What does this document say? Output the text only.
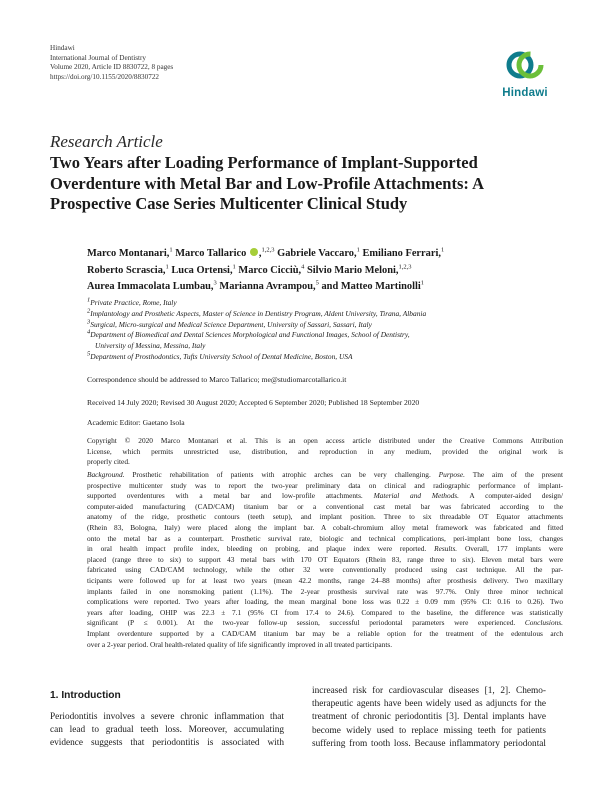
Hindawi
International Journal of Dentistry
Volume 2020, Article ID 8830722, 8 pages
https://doi.org/10.1155/2020/8830722
Hindawi
Research Article
Two Years after Loading Performance of Implant-Supported
Overdenture with Metal Bar and Low-Profile Attachments: A
Prospective Case Series Multicenter Clinical Study
Marco Montanari,$^1$ Marco Tallarico ,$^{1,2,3}$ Gabriele Vaccaro,$^1$ Emiliano Ferrari,$^1$
Roberto Scrascia,$^1$ Luca Ortensi,$^1$ Marco Cicciù,$^4$ Silvio Mario Meloni,$^{1,2,3}$
Aurea Immacolata Lumbau,$^3$ Marianna Avrampou,$^5$ and Matteo Martinolli$^1$
$^1$Private Practice, Rome, Italy
$^2$Implantology and Prosthetic Aspects, Master of Science in Dentistry Program, Aldent University, Tirana, Albania
$^3$Surgical, Micro-surgical and Medical Science Department, University of Sassari, Sassari, Italy
$^4$Department of Biomedical and Dental Sciences Morphological and Functional Images, School of Dentistry,
University of Messina, Messina, Italy
$^5$Department of Prosthodontics, Tufts University School of Dental Medicine, Boston, USA
Correspondence should be addressed to Marco Tallarico; me@studiomarcotallarico.it
Received 14 July 2020; Revised 30 August 2020; Accepted 6 September 2020; Published 18 September 2020
Academic Editor: Gaetano Isola
Copyright © 2020 Marco Montanari et al. This is an open access article distributed under the Creative Commons Attribution
License, which permits unrestricted use, distribution, and reproduction in any medium, provided the original work is
properly cited.
Background. Prosthetic rehabilitation of patients with atrophic arches can be very challenging. Purpose. The aim of the present
prospective multicenter study was to report the two-year preliminary data on clinical and radiographic performance of implant-
supported overdentures with a metal bar and low-profile attachments. Material and Methods. A computer-aided design/
computer-aided manufacturing (CAD/CAM) titanium bar or a conventional cast metal bar was fabricated according to the
anatomy of the ridge, prosthetic contours (teeth setup), and implant position. Three to six threadable OT Equator attachments
(Rhein 83, Bologna, Italy) were placed along the implant bar. A cobalt-chromium alloy metal framework was fabricated and fitted
onto the metal bar as a counterpart. Prosthetic survival rate, biologic and technical complications, peri-implant bone loss, changes
in oral health impact profile index, bleeding on probing, and plaque index were reported. Results. Overall, 177 implants were
placed (range three to six) to support 43 metal bars with 170 OT Equators (Rhein 83, range three to six). Eleven metal bars were
fabricated using CAD/CAM technology, while the other 32 were conventionally produced using cast technique. All the par-
ticipants were followed up for at least two years (mean 42.2 months, range 24–88 months) after prosthesis delivery. Two maxillary
implants failed in one nonsmoking patient (1.1%). The 2-year prosthesis survival rate was 97.7%. Only three minor technical
complications were reported. Two years after loading, the mean marginal bone loss was 0.22 ± 0.09 mm (95% CI: 0.16 to 0.26). Two
years after loading, OHIP was 22.3 ± 7.1 (95% CI from 17.4 to 24.6). Compared to the baseline, the difference was statistically
significant (P ≤ 0.001). At the two-year follow-up session, successful periodontal parameters were experienced. Conclusions.
Implant overdenture supported by a CAD/CAM titanium bar may be a reliable option for the treatment of the edentulous arch
over a 2-year period. Oral health-related quality of life significantly improved in all treated participants.
1. Introduction
Periodontitis involves a severe chronic inflammation that
can lead to gradual teeth loss. Moreover, accumulating
evidence suggests that periodontitis is associated with
increased risk for cardiovascular diseases [1, 2]. Chemo-
therapeutic agents have been widely used as adjuncts for the
treatment of chronic periodontitis [3]. Dental implants have
become widely used to replace missing teeth for patients
suffering from tooth loss. Because inflammatory periodontal
